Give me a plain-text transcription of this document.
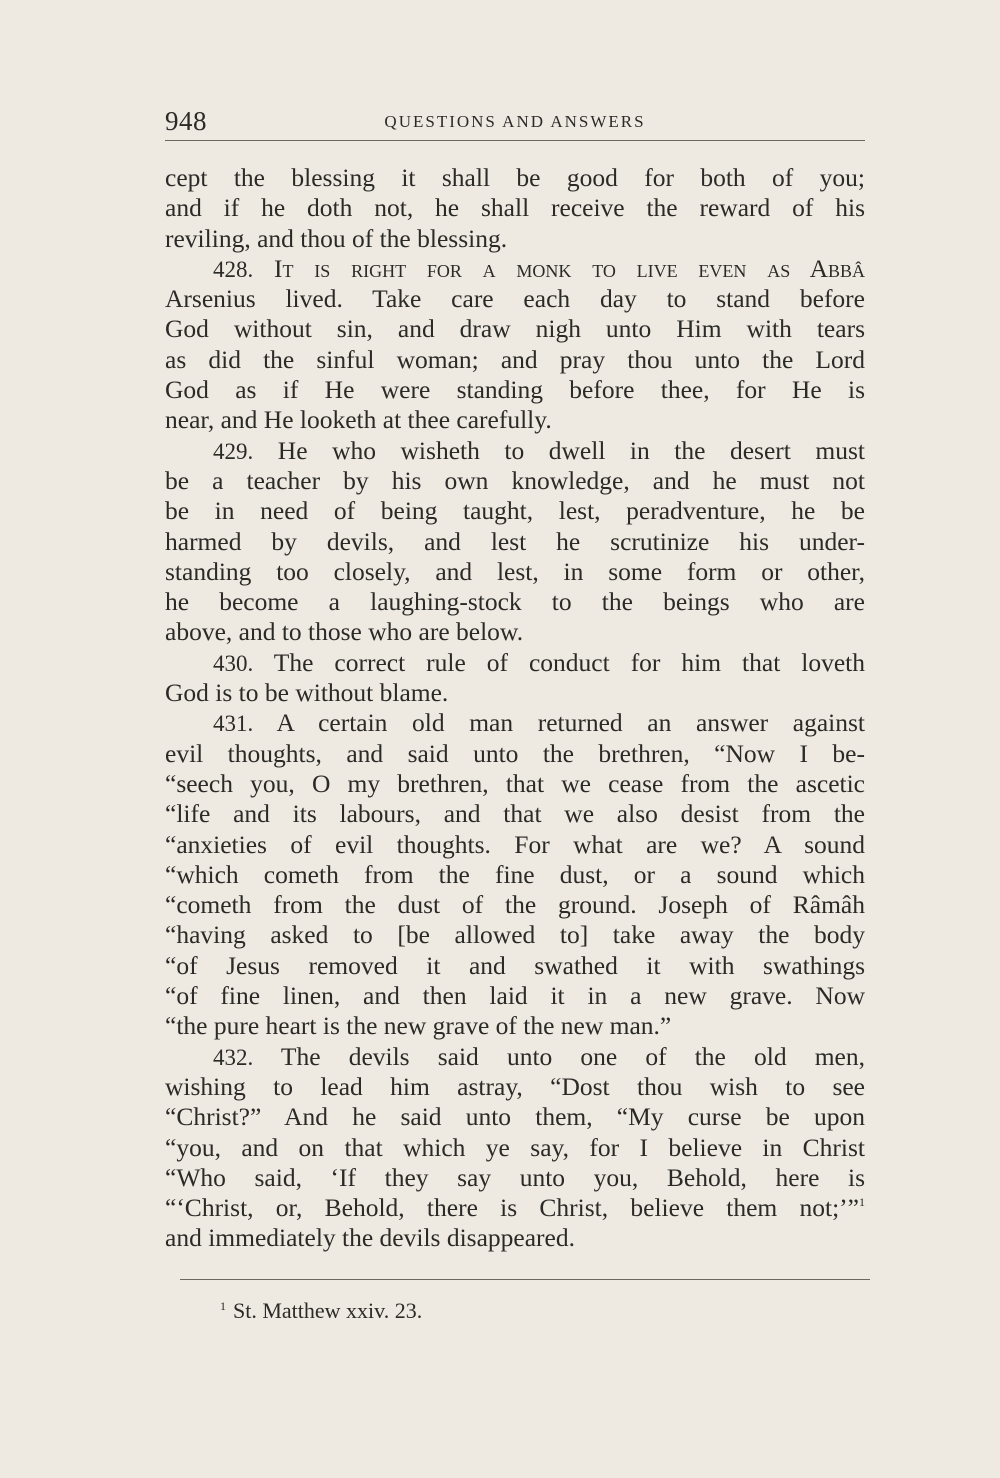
948	QUESTIONS AND ANSWERS
cept the blessing it shall be good for both of you;
and if he doth not, he shall receive the reward of his
reviling, and thou of the blessing.
428. It is right for a monk to live even as Abbâ
Arsenius lived. Take care each day to stand before
God without sin, and draw nigh unto Him with tears
as did the sinful woman; and pray thou unto the Lord
God as if He were standing before thee, for He is
near, and He looketh at thee carefully.
429. He who wisheth to dwell in the desert must
be a teacher by his own knowledge, and he must not
be in need of being taught, lest, peradventure, he be
harmed by devils, and lest he scrutinize his under-
standing too closely, and lest, in some form or other,
he become a laughing-stock to the beings who are
above, and to those who are below.
430. The correct rule of conduct for him that loveth
God is to be without blame.
431. A certain old man returned an answer against
evil thoughts, and said unto the brethren, “Now I be-
“seech you, O my brethren, that we cease from the ascetic
“life and its labours, and that we also desist from the
“anxieties of evil thoughts. For what are we? A sound
“which cometh from the fine dust, or a sound which
“cometh from the dust of the ground. Joseph of Râmâh
“having asked to [be allowed to] take away the body
“of Jesus removed it and swathed it with swathings
“of fine linen, and then laid it in a new grave. Now
“the pure heart is the new grave of the new man.”
432. The devils said unto one of the old men,
wishing to lead him astray, “Dost thou wish to see
“Christ?” And he said unto them, “My curse be upon
“you, and on that which ye say, for I believe in Christ
“Who said, ‘If they say unto you, Behold, here is
“‘Christ, or, Behold, there is Christ, believe them not;’”$^1$
and immediately the devils disappeared.
$^1$ St. Matthew xxiv. 23.
